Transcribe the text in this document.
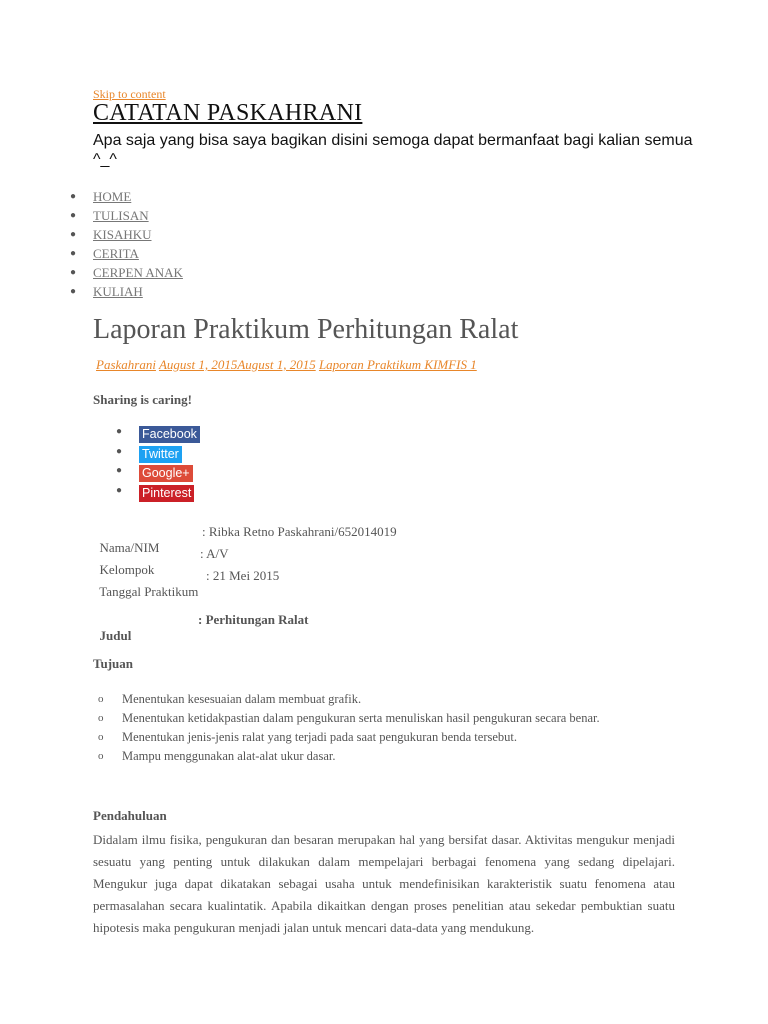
Skip to content
CATATAN PASKAHRANI
Apa saja yang bisa saya bagikan disini semoga dapat bermanfaat bagi kalian semua ^_^
● HOME
● TULISAN
● KISAHKU
● CERITA
● CERPEN ANAK
● KULIAH
Laporan Praktikum Perhitungan Ralat
Paskahrani August 1, 2015August 1, 2015 Laporan Praktikum KIMFIS 1
Sharing is caring!
● Facebook
● Twitter
● Google+
● Pinterest

Nama/NIM

: Ribka Retno Paskahrani/652014019

Kelompok

: A/V

Tanggal Praktikum

: 21 Mei 2015

Judul

: Perhitungan Ralat

Tujuan
o Menentukan kesesuaian dalam membuat grafik.
o Menentukan ketidakpastian dalam pengukuran serta menuliskan hasil pengukuran secara benar.
o Menentukan jenis-jenis ralat yang terjadi pada saat pengukuran benda tersebut.
o Mampu menggunakan alat-alat ukur dasar.
Pendahuluan
Didalam ilmu fisika, pengukuran dan besaran merupakan hal yang bersifat dasar. Aktivitas mengukur menjadi sesuatu yang penting untuk dilakukan dalam mempelajari berbagai fenomena yang sedang dipelajari. Mengukur juga dapat dikatakan sebagai usaha untuk mendefinisikan karakteristik suatu fenomena atau permasalahan secara kualintatik. Apabila dikaitkan dengan proses penelitian atau sekedar pembuktian suatu hipotesis maka pengukuran menjadi jalan untuk mencari data-data yang mendukung.
